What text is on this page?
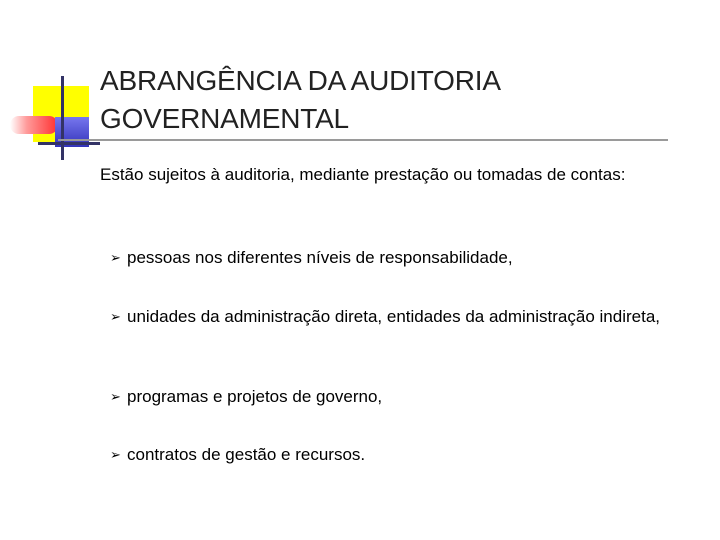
ABRANGÊNCIA DA AUDITORIA GOVERNAMENTAL

Estão sujeitos à auditoria, mediante prestação ou tomadas de contas:

➢ pessoas nos diferentes níveis de responsabilidade,
➢ unidades da administração direta, entidades da administração indireta,
➢ programas e projetos de governo,
➢ contratos de gestão e recursos.
